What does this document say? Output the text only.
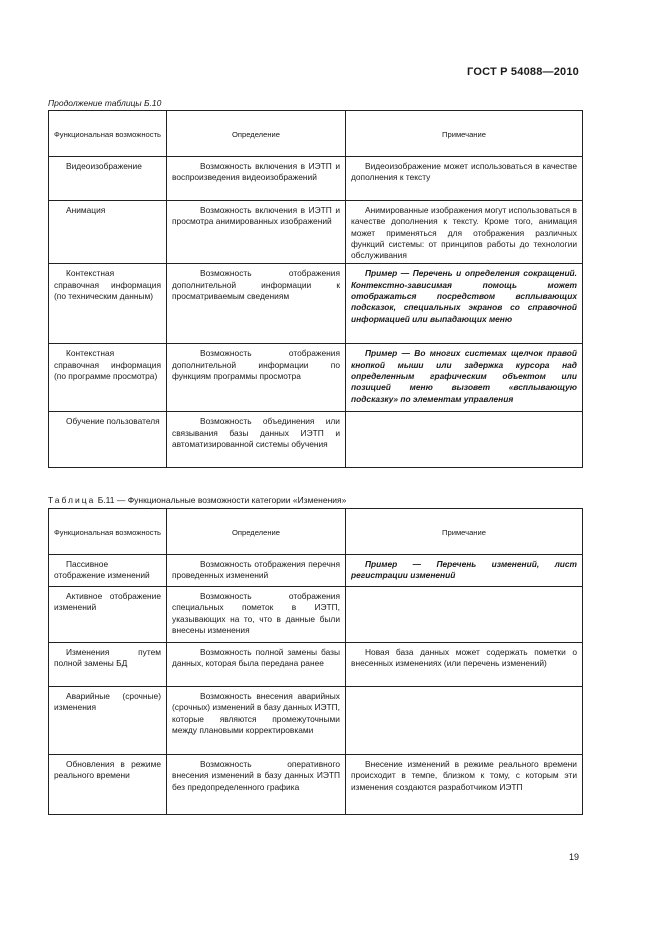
ГОСТ Р 54088—2010
Продолжение таблицы Б.10
Функциональная возможность	Определение	Примечание
Видеоизображение	Возможность включения в ИЭТП и воспроизведения видеоизображений	Видеоизображение может использоваться в качестве дополнения к тексту
Анимация	Возможность включения в ИЭТП и просмотра анимированных изображений	Анимированные изображения могут использоваться в качестве дополнения к тексту. Кроме того, анимация может применяться для отображения различных функций системы: от принципов работы до технологии обслуживания
Контекстная справочная информация (по техническим данным)	Возможность отображения дополнительной информации к просматриваемым сведениям	Пример — Перечень и определения сокращений. Контекстно-зависимая помощь может отображаться посредством всплывающих подсказок, специальных экранов со справочной информацией или выпадающих меню
Контекстная справочная информация (по программе просмотра)	Возможность отображения дополнительной информации по функциям программы просмотра	Пример — Во многих системах щелчок правой кнопкой мыши или задержка курсора над определенным графическим объектом или позицией меню вызовет «всплывающую подсказку» по элементам управления
Обучение пользователя	Возможность объединения или связывания базы данных ИЭТП и автоматизированной системы обучения	
Таблица Б.11 — Функциональные возможности категории «Изменения»
Функциональная возможность	Определение	Примечание
Пассивное отображение изменений	Возможность отображения перечня проведенных изменений	Пример — Перечень изменений, лист регистрации изменений
Активное отображение изменений	Возможность отображения специальных пометок в ИЭТП, указывающих на то, что в данные были внесены изменения	
Изменения путем полной замены БД	Возможность полной замены базы данных, которая была передана ранее	Новая база данных может содержать пометки о внесенных изменениях (или перечень изменений)
Аварийные (срочные) изменения	Возможность внесения аварийных (срочных) изменений в базу данных ИЭТП, которые являются промежуточными между плановыми корректировками	
Обновления в режиме реального времени	Возможность оперативного внесения изменений в базу данных ИЭТП без предопределенного графика	Внесение изменений в режиме реального времени происходит в темпе, близком к тому, с которым эти изменения создаются разработчиком ИЭТП
19
